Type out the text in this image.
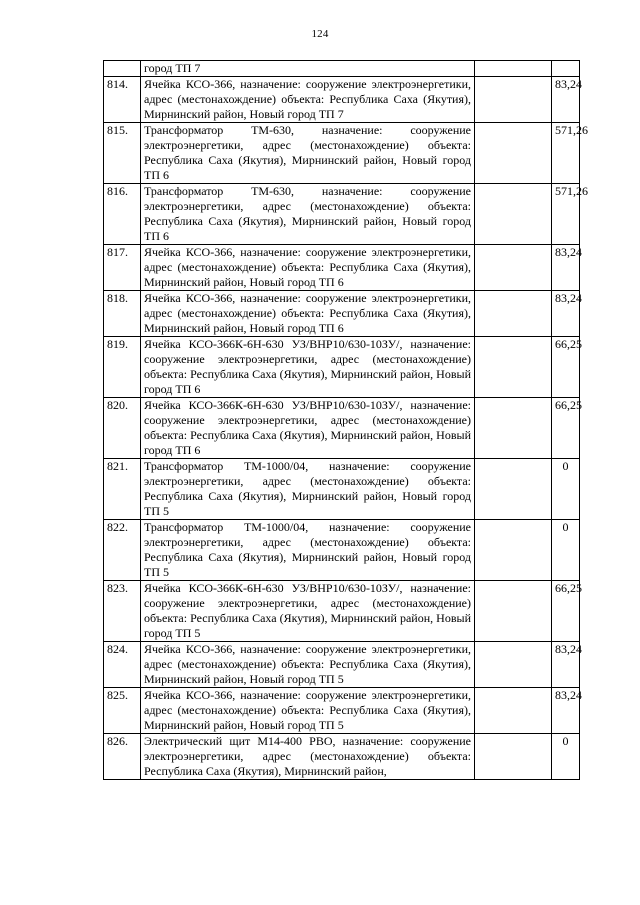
124
	город ТП 7		
814.	Ячейка КСО-366, назначение: сооружение электроэнергетики, адрес (местонахождение) объекта: Республика Саха (Якутия), Мирнинский район, Новый город ТП 7		83,24
815.	Трансформатор ТМ-630, назначение: сооружение электроэнергетики, адрес (местонахождение) объекта: Республика Саха (Якутия), Мирнинский район, Новый город ТП 6		571,26
816.	Трансформатор ТМ-630, назначение: сооружение электроэнергетики, адрес (местонахождение) объекта: Республика Саха (Якутия), Мирнинский район, Новый город ТП 6		571,26
817.	Ячейка КСО-366, назначение: сооружение электроэнергетики, адрес (местонахождение) объекта: Республика Саха (Якутия), Мирнинский район, Новый город ТП 6		83,24
818.	Ячейка КСО-366, назначение: сооружение электроэнергетики, адрес (местонахождение) объекта: Республика Саха (Якутия), Мирнинский район, Новый город ТП 6		83,24
819.	Ячейка КСО-366К-6Н-630 УЗ/ВНР10/630-10ЗУ/, назначение: сооружение электроэнергетики, адрес (местонахождение) объекта: Республика Саха (Якутия), Мирнинский район, Новый город ТП 6		66,25
820.	Ячейка КСО-366К-6Н-630 УЗ/ВНР10/630-10ЗУ/, назначение: сооружение электроэнергетики, адрес (местонахождение) объекта: Республика Саха (Якутия), Мирнинский район, Новый город ТП 6		66,25
821.	Трансформатор ТМ-1000/04, назначение: сооружение электроэнергетики, адрес (местонахождение) объекта: Республика Саха (Якутия), Мирнинский район, Новый город ТП 5		0
822.	Трансформатор ТМ-1000/04, назначение: сооружение электроэнергетики, адрес (местонахождение) объекта: Республика Саха (Якутия), Мирнинский район, Новый город ТП 5		0
823.	Ячейка КСО-366К-6Н-630 УЗ/ВНР10/630-10ЗУ/, назначение: сооружение электроэнергетики, адрес (местонахождение) объекта: Республика Саха (Якутия), Мирнинский район, Новый город ТП 5		66,25
824.	Ячейка КСО-366, назначение: сооружение электроэнергетики, адрес (местонахождение) объекта: Республика Саха (Якутия), Мирнинский район, Новый город ТП 5		83,24
825.	Ячейка КСО-366, назначение: сооружение электроэнергетики, адрес (местонахождение) объекта: Республика Саха (Якутия), Мирнинский район, Новый город ТП 5		83,24
826.	Электрический щит М14-400 РВО, назначение: сооружение электроэнергетики, адрес (местонахождение) объекта: Республика Саха (Якутия), Мирнинский район,		0
